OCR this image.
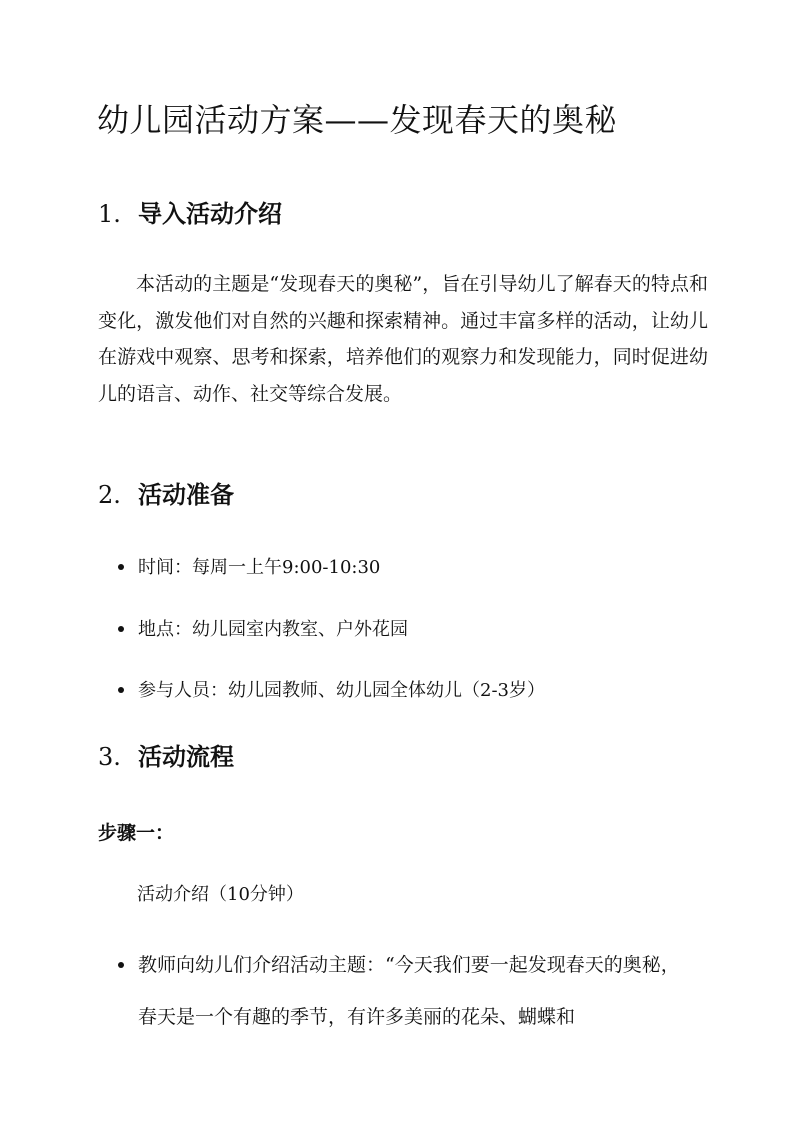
幼儿园活动方案——发现春天的奥秘
1. 导入活动介绍

本活动的主题是“发现春天的奥秘”，旨在引导幼儿了解春天的特点和变化，激发他们对自然的兴趣和探索精神。通过丰富多样的活动，让幼儿在游戏中观察、思考和探索，培养他们的观察力和发现能力，同时促进幼儿的语言、动作、社交等综合发展。

2. 活动准备
时间：每周一上午9:00-10:30
地点：幼儿园室内教室、户外花园
参与人员：幼儿园教师、幼儿园全体幼儿（2-3岁）
3. 活动流程
步骤一：
活动介绍（10分钟）
教师向幼儿们介绍活动主题：“今天我们要一起发现春天的奥秘，春天是一个有趣的季节，有许多美丽的花朵、蝴蝶和
